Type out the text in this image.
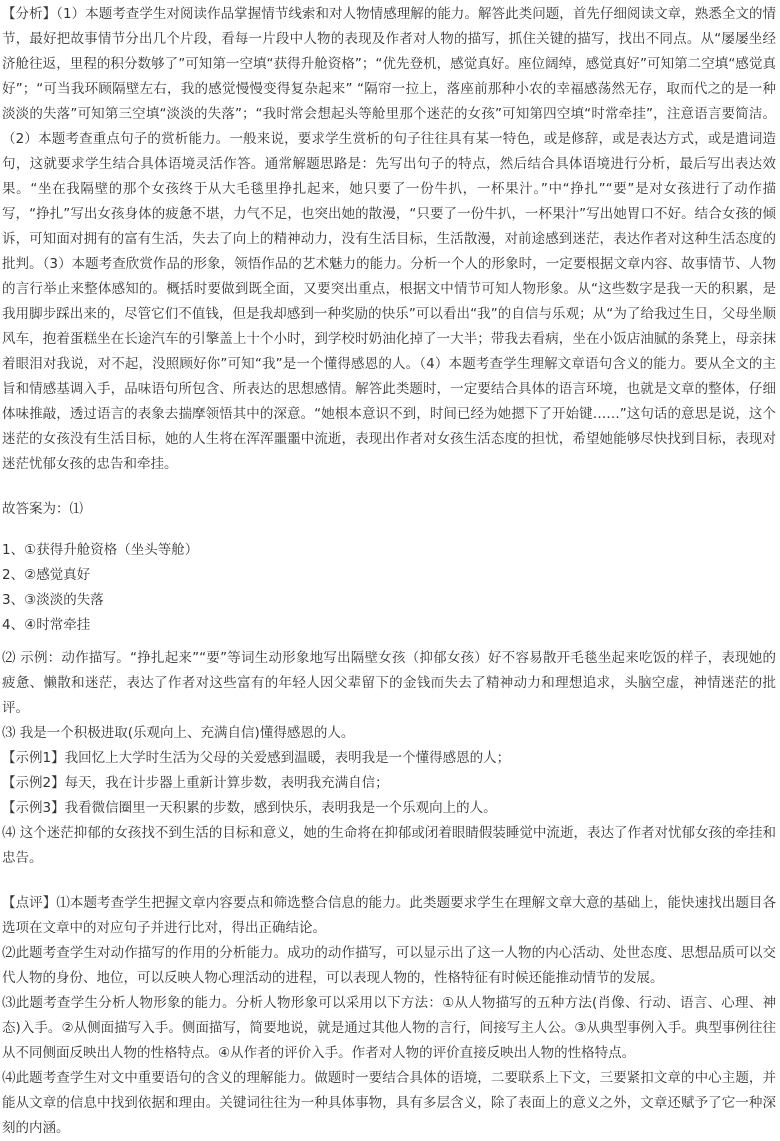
【分析】（1）本题考查学生对阅读作品掌握情节线索和对人物情感理解的能力。解答此类问题，首先仔细阅读文章，熟悉全文的情节，最好把故事情节分出几个片段，看每一片段中人物的表现及作者对人物的描写，抓住关键的描写，找出不同点。从“屡屡坐经济舱往返，里程的积分数够了”可知第一空填“获得升舱资格”；“优先登机，感觉真好。座位阔绰，感觉真好”可知第二空填“感觉真好”；“可当我环顾隔壁左右，我的感觉慢慢变得复杂起来” “隔帘一拉上，落座前那种小农的幸福感荡然无存，取而代之的是一种淡淡的失落”可知第三空填“淡淡的失落”；“我时常会想起头等舱里那个迷茫的女孩”可知第四空填“时常牵挂”，注意语言要简洁。（2）本题考查重点句子的赏析能力。一般来说，要求学生赏析的句子往往具有某一特色，或是修辞，或是表达方式，或是遣词造句，这就要求学生结合具体语境灵活作答。通常解题思路是：先写出句子的特点，然后结合具体语境进行分析，最后写出表达效果。“坐在我隔壁的那个女孩终于从大毛毯里挣扎起来，她只要了一份牛扒，一杯果汁。”中“挣扎”“要”是对女孩进行了动作描写，“挣扎”写出女孩身体的疲惫不堪，力气不足，也突出她的散漫，“只要了一份牛扒，一杯果汁”写出她胃口不好。结合女孩的倾诉，可知面对拥有的富有生活，失去了向上的精神动力，没有生活目标，生活散漫，对前途感到迷茫，表达作者对这种生活态度的批判。（3）本题考查欣赏作品的形象，领悟作品的艺术魅力的能力。分析一个人的形象时，一定要根据文章内容、故事情节、人物的言行举止来整体感知的。概括时要做到既全面，又要突出重点，根据文中情节可知人物形象。从“这些数字是我一天的积累，是我用脚步踩出来的，尽管它们不值钱，但是我却感到一种奖励的快乐”可以看出“我”的自信与乐观；从“为了给我过生日，父母坐顺风车，抱着蛋糕坐在长途汽车的引擎盖上十个小时，到学校时奶油化掉了一大半；带我去看病，坐在小饭店油腻的条凳上，母亲抹着眼泪对我说，对不起，没照顾好你”可知“我”是一个懂得感恩的人。（4）本题考查学生理解文章语句含义的能力。要从全文的主旨和情感基调入手，品味语句所包含、所表达的思想感情。解答此类题时，一定要结合具体的语言环境，也就是文章的整体，仔细体味推敲，透过语言的表象去揣摩领悟其中的深意。“她根本意识不到，时间已经为她摁下了开始键……”这句话的意思是说，这个迷茫的女孩没有生活目标，她的人生将在浑浑噩噩中流逝，表现出作者对女孩生活态度的担忧，希望她能够尽快找到目标，表现对迷茫忧郁女孩的忠告和牵挂。

故答案为：⑴

1、①获得升舱资格（坐头等舱）

2、②感觉真好

3、③淡淡的失落

4、④时常牵挂

⑵ 示例：动作描写。“挣扎起来”“要”等词生动形象地写出隔壁女孩（抑郁女孩）好不容易散开毛毯坐起来吃饭的样子，表现她的疲惫、懒散和迷茫，表达了作者对这些富有的年轻人因父辈留下的金钱而失去了精神动力和理想追求，头脑空虚，神情迷茫的批评。

⑶ 我是一个积极进取(乐观向上、充满自信)懂得感恩的人。

【示例1】我回忆上大学时生活为父母的关爱感到温暖，表明我是一个懂得感恩的人；

【示例2】每天，我在计步器上重新计算步数，表明我充满自信；

【示例3】我看微信圈里一天积累的步数，感到快乐，表明我是一个乐观向上的人。

⑷ 这个迷茫抑郁的女孩找不到生活的目标和意义，她的生命将在抑郁或闭着眼睛假装睡觉中流逝，表达了作者对忧郁女孩的牵挂和忠告。

【点评】⑴本题考查学生把握文章内容要点和筛选整合信息的能力。此类题要求学生在理解文章大意的基础上，能快速找出题目各选项在文章中的对应句子并进行比对，得出正确结论。

⑵此题考查学生对动作描写的作用的分析能力。成功的动作描写，可以显示出了这一人物的内心活动、处世态度、思想品质可以交代人物的身份、地位，可以反映人物心理活动的进程，可以表现人物的，性格特征有时候还能推动情节的发展。

⑶此题考查学生分析人物形象的能力。分析人物形象可以采用以下方法：①从人物描写的五种方法(肖像、行动、语言、心理、神态)入手。②从侧面描写入手。侧面描写，简要地说，就是通过其他人物的言行，间接写主人公。③从典型事例入手。典型事例往往从不同侧面反映出人物的性格特点。④从作者的评价入手。作者对人物的评价直接反映出人物的性格特点。

⑷此题考查学生对文中重要语句的含义的理解能力。做题时一要结合具体的语境，二要联系上下文，三要紧扣文章的中心主题，并能从文章的信息中找到依据和理由。关键词往往为一种具体事物，具有多层含义，除了表面上的意义之外，文章还赋予了它一种深刻的内涵。
